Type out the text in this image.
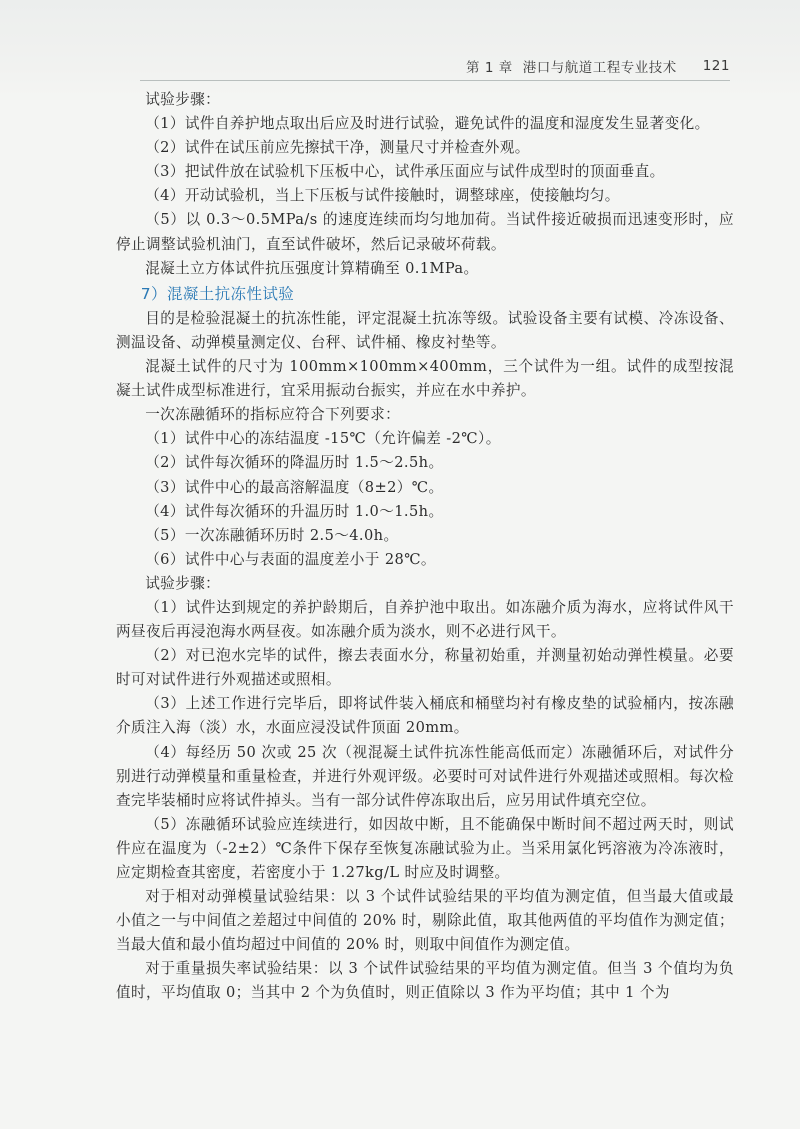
第 1 章 港口与航道工程专业技术 121

试验步骤：

（1）试件自养护地点取出后应及时进行试验，避免试件的温度和湿度发生显著变化。

（2）试件在试压前应先擦拭干净，测量尺寸并检查外观。

（3）把试件放在试验机下压板中心，试件承压面应与试件成型时的顶面垂直。

（4）开动试验机，当上下压板与试件接触时，调整球座，使接触均匀。

（5）以 0.3～0.5MPa/s 的速度连续而均匀地加荷。当试件接近破损而迅速变形时，应停止调整试验机油门，直至试件破坏，然后记录破坏荷载。

混凝土立方体试件抗压强度计算精确至 0.1MPa。

7）混凝土抗冻性试验

目的是检验混凝土的抗冻性能，评定混凝土抗冻等级。试验设备主要有试模、冷冻设备、测温设备、动弹模量测定仪、台秤、试件桶、橡皮衬垫等。

混凝土试件的尺寸为 100mm×100mm×400mm，三个试件为一组。试件的成型按混凝土试件成型标准进行，宜采用振动台振实，并应在水中养护。

一次冻融循环的指标应符合下列要求：

（1）试件中心的冻结温度 -15℃（允许偏差 -2℃）。

（2）试件每次循环的降温历时 1.5～2.5h。

（3）试件中心的最高溶解温度（8±2）℃。

（4）试件每次循环的升温历时 1.0～1.5h。

（5）一次冻融循环历时 2.5～4.0h。

（6）试件中心与表面的温度差小于 28℃。

试验步骤：

（1）试件达到规定的养护龄期后，自养护池中取出。如冻融介质为海水，应将试件风干两昼夜后再浸泡海水两昼夜。如冻融介质为淡水，则不必进行风干。

（2）对已泡水完毕的试件，擦去表面水分，称量初始重，并测量初始动弹性模量。必要时可对试件进行外观描述或照相。

（3）上述工作进行完毕后，即将试件装入桶底和桶壁均衬有橡皮垫的试验桶内，按冻融介质注入海（淡）水，水面应浸没试件顶面 20mm。

（4）每经历 50 次或 25 次（视混凝土试件抗冻性能高低而定）冻融循环后，对试件分别进行动弹模量和重量检查，并进行外观评级。必要时可对试件进行外观描述或照相。每次检查完毕装桶时应将试件掉头。当有一部分试件停冻取出后，应另用试件填充空位。

（5）冻融循环试验应连续进行，如因故中断，且不能确保中断时间不超过两天时，则试件应在温度为（-2±2）℃条件下保存至恢复冻融试验为止。当采用氯化钙溶液为冷冻液时，应定期检查其密度，若密度小于 1.27kg/L 时应及时调整。

对于相对动弹模量试验结果：以 3 个试件试验结果的平均值为测定值，但当最大值或最小值之一与中间值之差超过中间值的 20% 时，剔除此值，取其他两值的平均值作为测定值；当最大值和最小值均超过中间值的 20% 时，则取中间值作为测定值。

对于重量损失率试验结果：以 3 个试件试验结果的平均值为测定值。但当 3 个值均为负值时，平均值取 0；当其中 2 个为负值时，则正值除以 3 作为平均值；其中 1 个为
